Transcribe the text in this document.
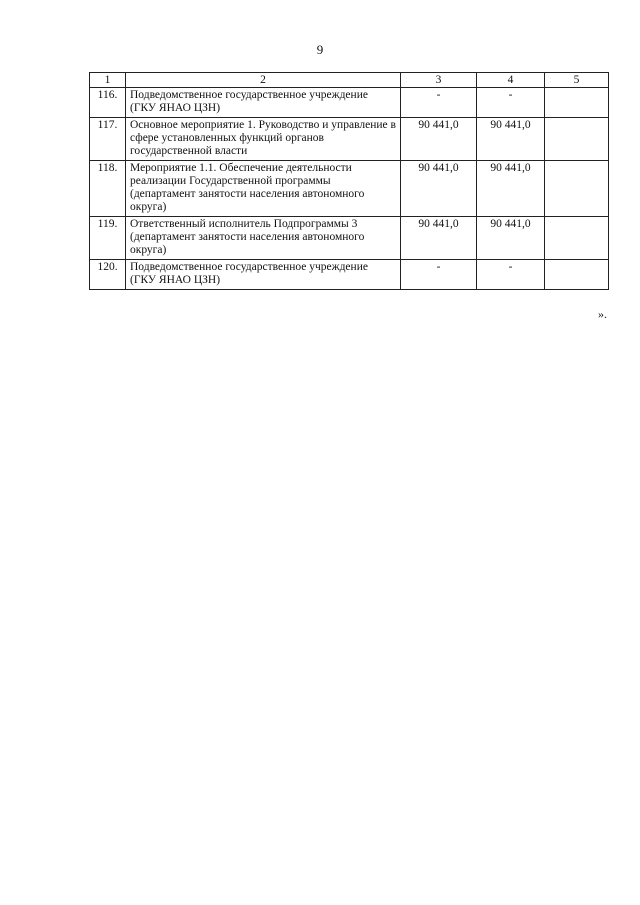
9
1	2	3	4	5
116.	Подведомственное государственное учреждение (ГКУ ЯНАО ЦЗН)	-	-	
117.	Основное мероприятие 1. Руководство и управление в сфере установленных функций органов государственной власти	90 441,0	90 441,0	
118.	Мероприятие 1.1. Обеспечение деятельности реализации Государственной программы (департамент занятости населения автономного округа)	90 441,0	90 441,0	
119.	Ответственный исполнитель Подпрограммы 3 (департамент занятости населения автономного округа)	90 441,0	90 441,0	
120.	Подведомственное государственное учреждение (ГКУ ЯНАО ЦЗН)	-	-	
».
